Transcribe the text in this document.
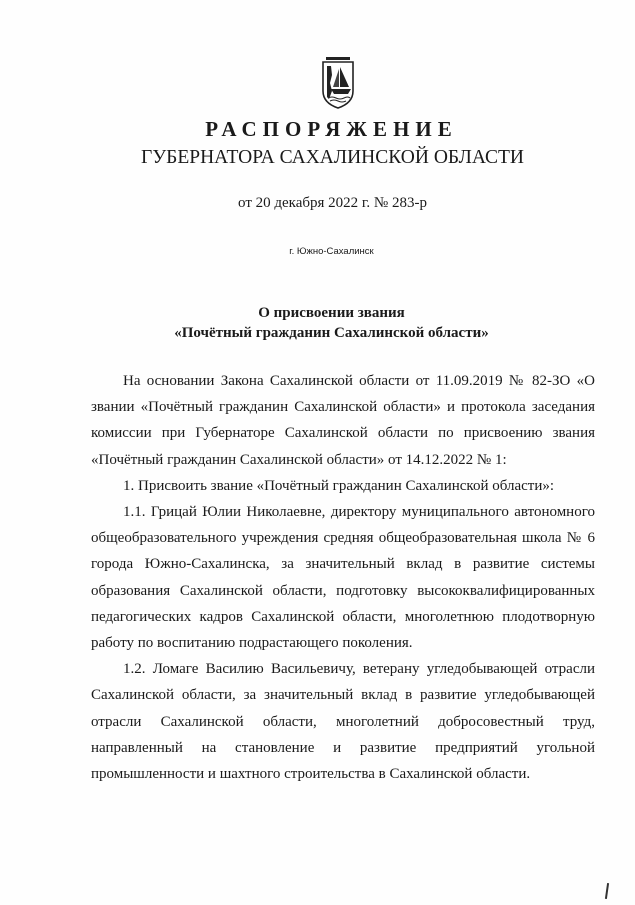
РАСПОРЯЖЕНИЕ
ГУБЕРНАТОРА САХАЛИНСКОЙ ОБЛАСТИ
от 20 декабря 2022 г. № 283-р
г. Южно-Сахалинск
О присвоении звания
«Почётный гражданин Сахалинской области»

На основании Закона Сахалинской области от 11.09.2019 № 82-ЗО «О звании «Почётный гражданин Сахалинской области» и протокола заседания комиссии при Губернаторе Сахалинской области по присвоению звания «Почётный гражданин Сахалинской области» от 14.12.2022 № 1:

1. Присвоить звание «Почётный гражданин Сахалинской области»:

1.1. Грицай Юлии Николаевне, директору муниципального автономного общеобразовательного учреждения средняя общеобразовательная школа № 6 города Южно-Сахалинска, за значительный вклад в развитие системы образования Сахалинской области, подготовку высококвалифицированных педагогических кадров Сахалинской области, многолетнюю плодотворную работу по воспитанию подрастающего поколения.

1.2. Ломаге Василию Васильевичу, ветерану угледобывающей отрасли Сахалинской области, за значительный вклад в развитие угледобывающей отрасли Сахалинской области, многолетний добросовестный труд, направленный на становление и развитие предприятий угольной промышленности и шахтного строительства в Сахалинской области.
